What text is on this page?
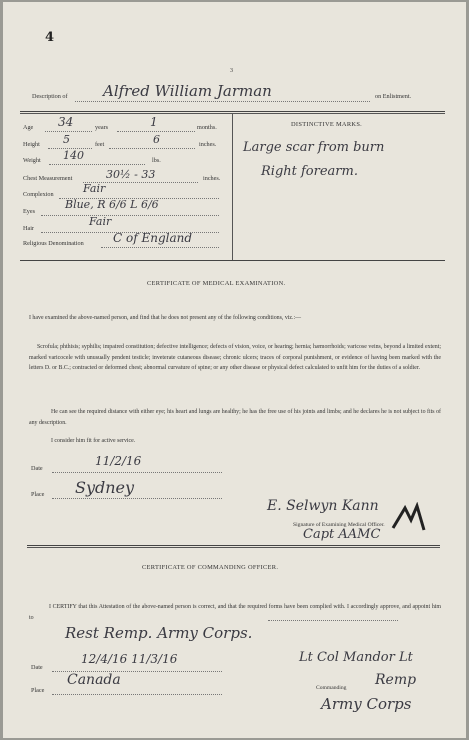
4
3
Description of Alfred William Jarman	on Enlistment.
DISTINCTIVE MARKS.
Large scar from burn
Right forearm.
Age 34	years	1	months.
Height 5	feet	6	inches.
Weight 140	lbs.
Chest Measurement	30½ - 33	inches.
Complexion	Fair
Eyes
Blue, R 6/6 L 6/6
Hair
Fair
Religious Denomination C of England
CERTIFICATE OF MEDICAL EXAMINATION.
I have examined the above-named person, and find that he does not present any of the following conditions, viz.:—
Scrofula; phthisis; syphilis; impaired constitution; defective intelligence; defects of vision, voice, or hearing; hernia; hæmorrhoids; varicose veins, beyond a limited extent; marked varicocele with unusually pendent testicle; inveterate cutaneous disease; chronic ulcers; traces of corporal punishment, or evidence of having been marked with the letters D. or B.C.; contracted or deformed chest; abnormal curvature of spine; or any other disease or physical defect calculated to unfit him for the duties of a soldier.
He can see the required distance with either eye; his heart and lungs are healthy; he has the free use of his joints and limbs; and he declares he is not subject to fits of any description.
I consider him fit for active service.
Date
11/2/16
Place Sydney
E. Selwyn Kann
Signature of Examining Medical Officer.
Capt AAMC
CERTIFICATE OF COMMANDING OFFICER.
I CERTIFY that this Attestation of the above-named person is correct, and that the required forms have been complied with. I accordingly approve, and appoint him to
Rest Remp. Army Corps.
Date
12/4/16 11/3/16
Place
Canada
Lt Col Mandor Lt
Commanding Remp
Army Corps
